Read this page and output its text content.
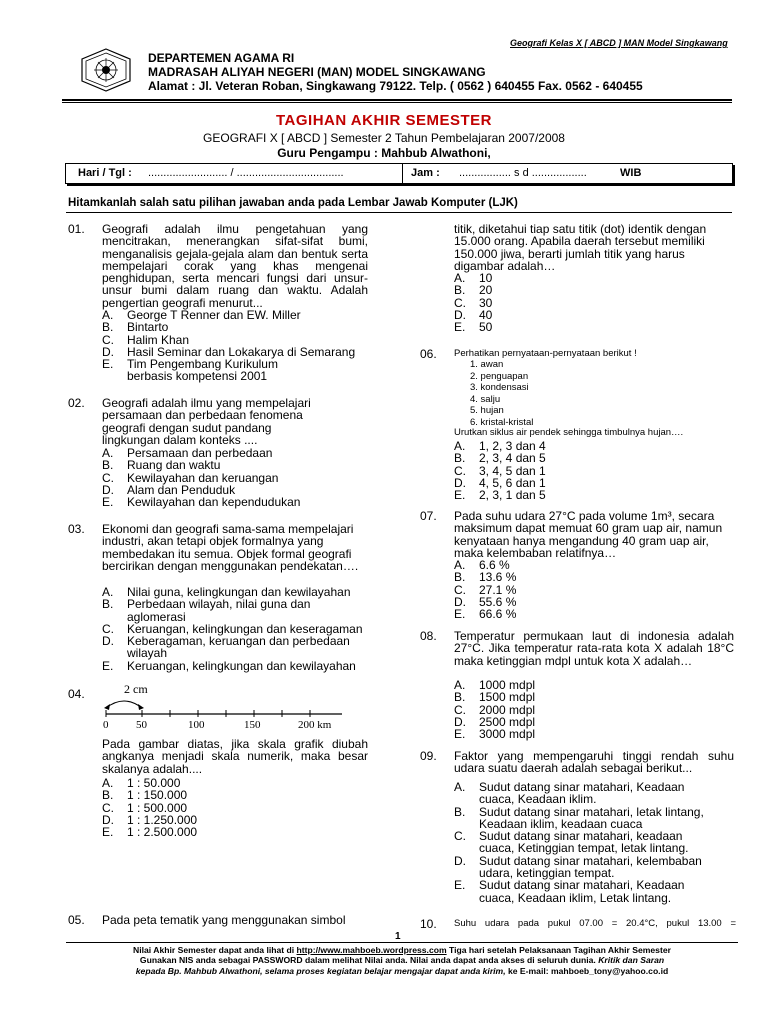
Geografi Kelas X [ ABCD ] MAN Model Singkawang
DEPARTEMEN AGAMA RI
MADRASAH ALIYAH NEGERI (MAN) MODEL SINGKAWANG
Alamat : Jl. Veteran Roban, Singkawang 79122. Telp. ( 0562 ) 640455 Fax. 0562 - 640455
TAGIHAN AKHIR SEMESTER
GEOGRAFI X [ ABCD ] Semester 2 Tahun Pembelajaran 2007/2008
Guru Pengampu : Mahbub Alwathoni,
Hari / Tgl : .......................... / ...................................	Jam : ................. s d ..................	WIB
Hitamkanlah salah satu pilihan jawaban anda pada Lembar Jawab Komputer (LJK)
01. Geografi adalah ilmu pengetahuan yang mencitrakan, menerangkan sifat-sifat bumi, menganalisis gejala-gejala alam dan bentuk serta mempelajari corak yang khas mengenai penghidupan, serta mencari fungsi dari unsur-unsur bumi dalam ruang dan waktu. Adalah pengertian geografi menurut...
A. George T Renner dan EW. Miller
B. Bintarto
C. Halim Khan
D. Hasil Seminar dan Lokakarya di Semarang
E. Tim Pengembang Kurikulum berbasis kompetensi 2001
02. Geografi adalah ilmu yang mempelajari persamaan dan perbedaan fenomena geografi dengan sudut pandang lingkungan dalam konteks ....
A. Persamaan dan perbedaan
B. Ruang dan waktu
C. Kewilayahan dan keruangan
D. Alam dan Penduduk
E. Kewilayahan dan kependudukan
03. Ekonomi dan geografi sama-sama mempelajari industri, akan tetapi objek formalnya yang membedakan itu semua. Objek formal geografi bercirikan dengan menggunakan pendekatan….
A. Nilai guna, kelingkungan dan kewilayahan
B. Perbedaan wilayah, nilai guna dan aglomerasi
C. Keruangan, kelingkungan dan keseragaman
D. Keberagaman, keruangan dan perbedaan wilayah
E. Keruangan, kelingkungan dan kewilayahan
04.	2 cm
0	50	100	150	200 km
Pada gambar diatas, jika skala grafik diubah angkanya menjadi skala numerik, maka besar skalanya adalah....
A. 1 : 50.000
B. 1 : 150.000
C. 1 : 500.000
D. 1 : 1.250.000
E. 1 : 2.500.000
05. Pada peta tematik yang menggunakan simbol
titik, diketahui tiap satu titik (dot) identik dengan 15.000 orang. Apabila daerah tersebut memiliki 150.000 jiwa, berarti jumlah titik yang harus digambar adalah…
A. 10
B. 20
C. 30
D. 40
E. 50
06. Perhatikan pernyataan-pernyataan berikut !
1. awan
2. penguapan
3. kondensasi
4. salju
5. hujan
6. kristal-kristal
Urutkan siklus air pendek sehingga timbulnya hujan….
A. 1, 2, 3 dan 4
B. 2, 3, 4 dan 5
C. 3, 4, 5 dan 1
D. 4, 5, 6 dan 1
E. 2, 3, 1 dan 5
07. Pada suhu udara 27°C pada volume 1m³, secara maksimum dapat memuat 60 gram uap air, namun kenyataan hanya mengandung 40 gram uap air, maka kelembaban relatifnya…
A. 6.6 %
B. 13.6 %
C. 27.1 %
D. 55.6 %
E. 66.6 %
08. Temperatur permukaan laut di indonesia adalah 27°C. Jika temperatur rata-rata kota X adalah 18°C maka ketinggian mdpl untuk kota X adalah…
A. 1000 mdpl
B. 1500 mdpl
C. 2000 mdpl
D. 2500 mdpl
E. 3000 mdpl
09. Faktor yang mempengaruhi tinggi rendah suhu udara suatu daerah adalah sebagai berikut...
A. Sudut datang sinar matahari, Keadaan cuaca, Keadaan iklim.
B. Sudut datang sinar matahari, letak lintang, Keadaan iklim, keadaan cuaca
C. Sudut datang sinar matahari, keadaan cuaca, Ketinggian tempat, letak lintang.
D. Sudut datang sinar matahari, kelembaban udara, ketinggian tempat.
E. Sudut datang sinar matahari, Keadaan cuaca, Keadaan iklim, Letak lintang.
10. Suhu udara pada pukul 07.00 = 20.4°C, pukul 13.00 =
1
Nilai Akhir Semester dapat anda lihat di http://www.mahboeb.wordpress.com Tiga hari setelah Pelaksanaan Tagihan Akhir Semester
Gunakan NIS anda sebagai PASSWORD dalam melihat Nilai anda. Nilai anda dapat anda akses di seluruh dunia. Kritik dan Saran
kepada Bp. Mahbub Alwathoni, selama proses kegiatan belajar mengajar dapat anda kirim, ke E-mail: mahboeb_tony@yahoo.co.id
